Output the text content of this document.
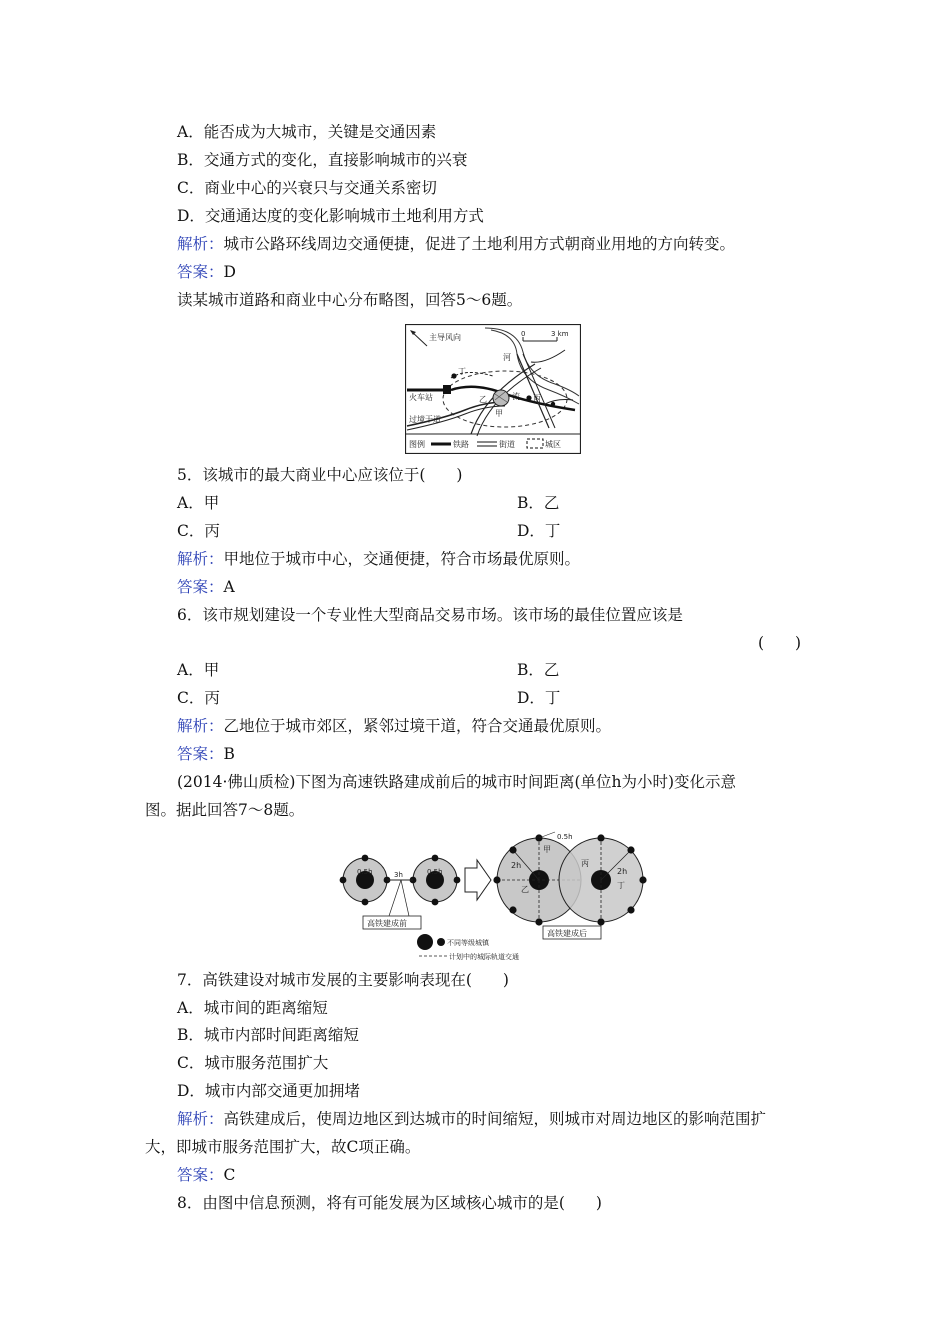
A．能否成为大城市，关键是交通因素
B．交通方式的变化，直接影响城市的兴衰
C．商业中心的兴衰只与交通关系密切
D．交通通达度的变化影响城市土地利用方式
解析：城市公路环线周边交通便捷，促进了土地利用方式朝商业用地的方向转变。
答案：D
读某城市道路和商业中心分布略图，回答5～6题。
主导风向	0	3 km
河
流
火车站
过境干道
丁
乙
甲
丙
图例	铁路	街道	城区
5．该城市的最大商业中心应该位于(　　)
A．甲	B．乙
C．丙	D．丁
解析：甲地位于城市中心，交通便捷，符合市场最优原则。
答案：A
6．该市规划建设一个专业性大型商品交易市场。该市场的最佳位置应该是
(　　)
A．甲	B．乙
C．丙	D．丁
解析：乙地位于城市郊区，紧邻过境干道，符合交通最优原则。
答案：B
(2014·佛山质检)下图为高速铁路建成前后的城市时间距离(单位h为小时)变化示意
图。据此回答7～8题。
0.5h	0.5h
3h
2h
甲
乙
2h
丙
丁
0.5h
高铁建成前
高铁建成后
不同等级城镇
计划中的城际轨道交通
7．高铁建设对城市发展的主要影响表现在(　　)
A．城市间的距离缩短
B．城市内部时间距离缩短
C．城市服务范围扩大
D．城市内部交通更加拥堵
解析：高铁建成后，使周边地区到达城市的时间缩短，则城市对周边地区的影响范围扩
大，即城市服务范围扩大，故C项正确。
答案：C
8．由图中信息预测，将有可能发展为区域核心城市的是(　　)
